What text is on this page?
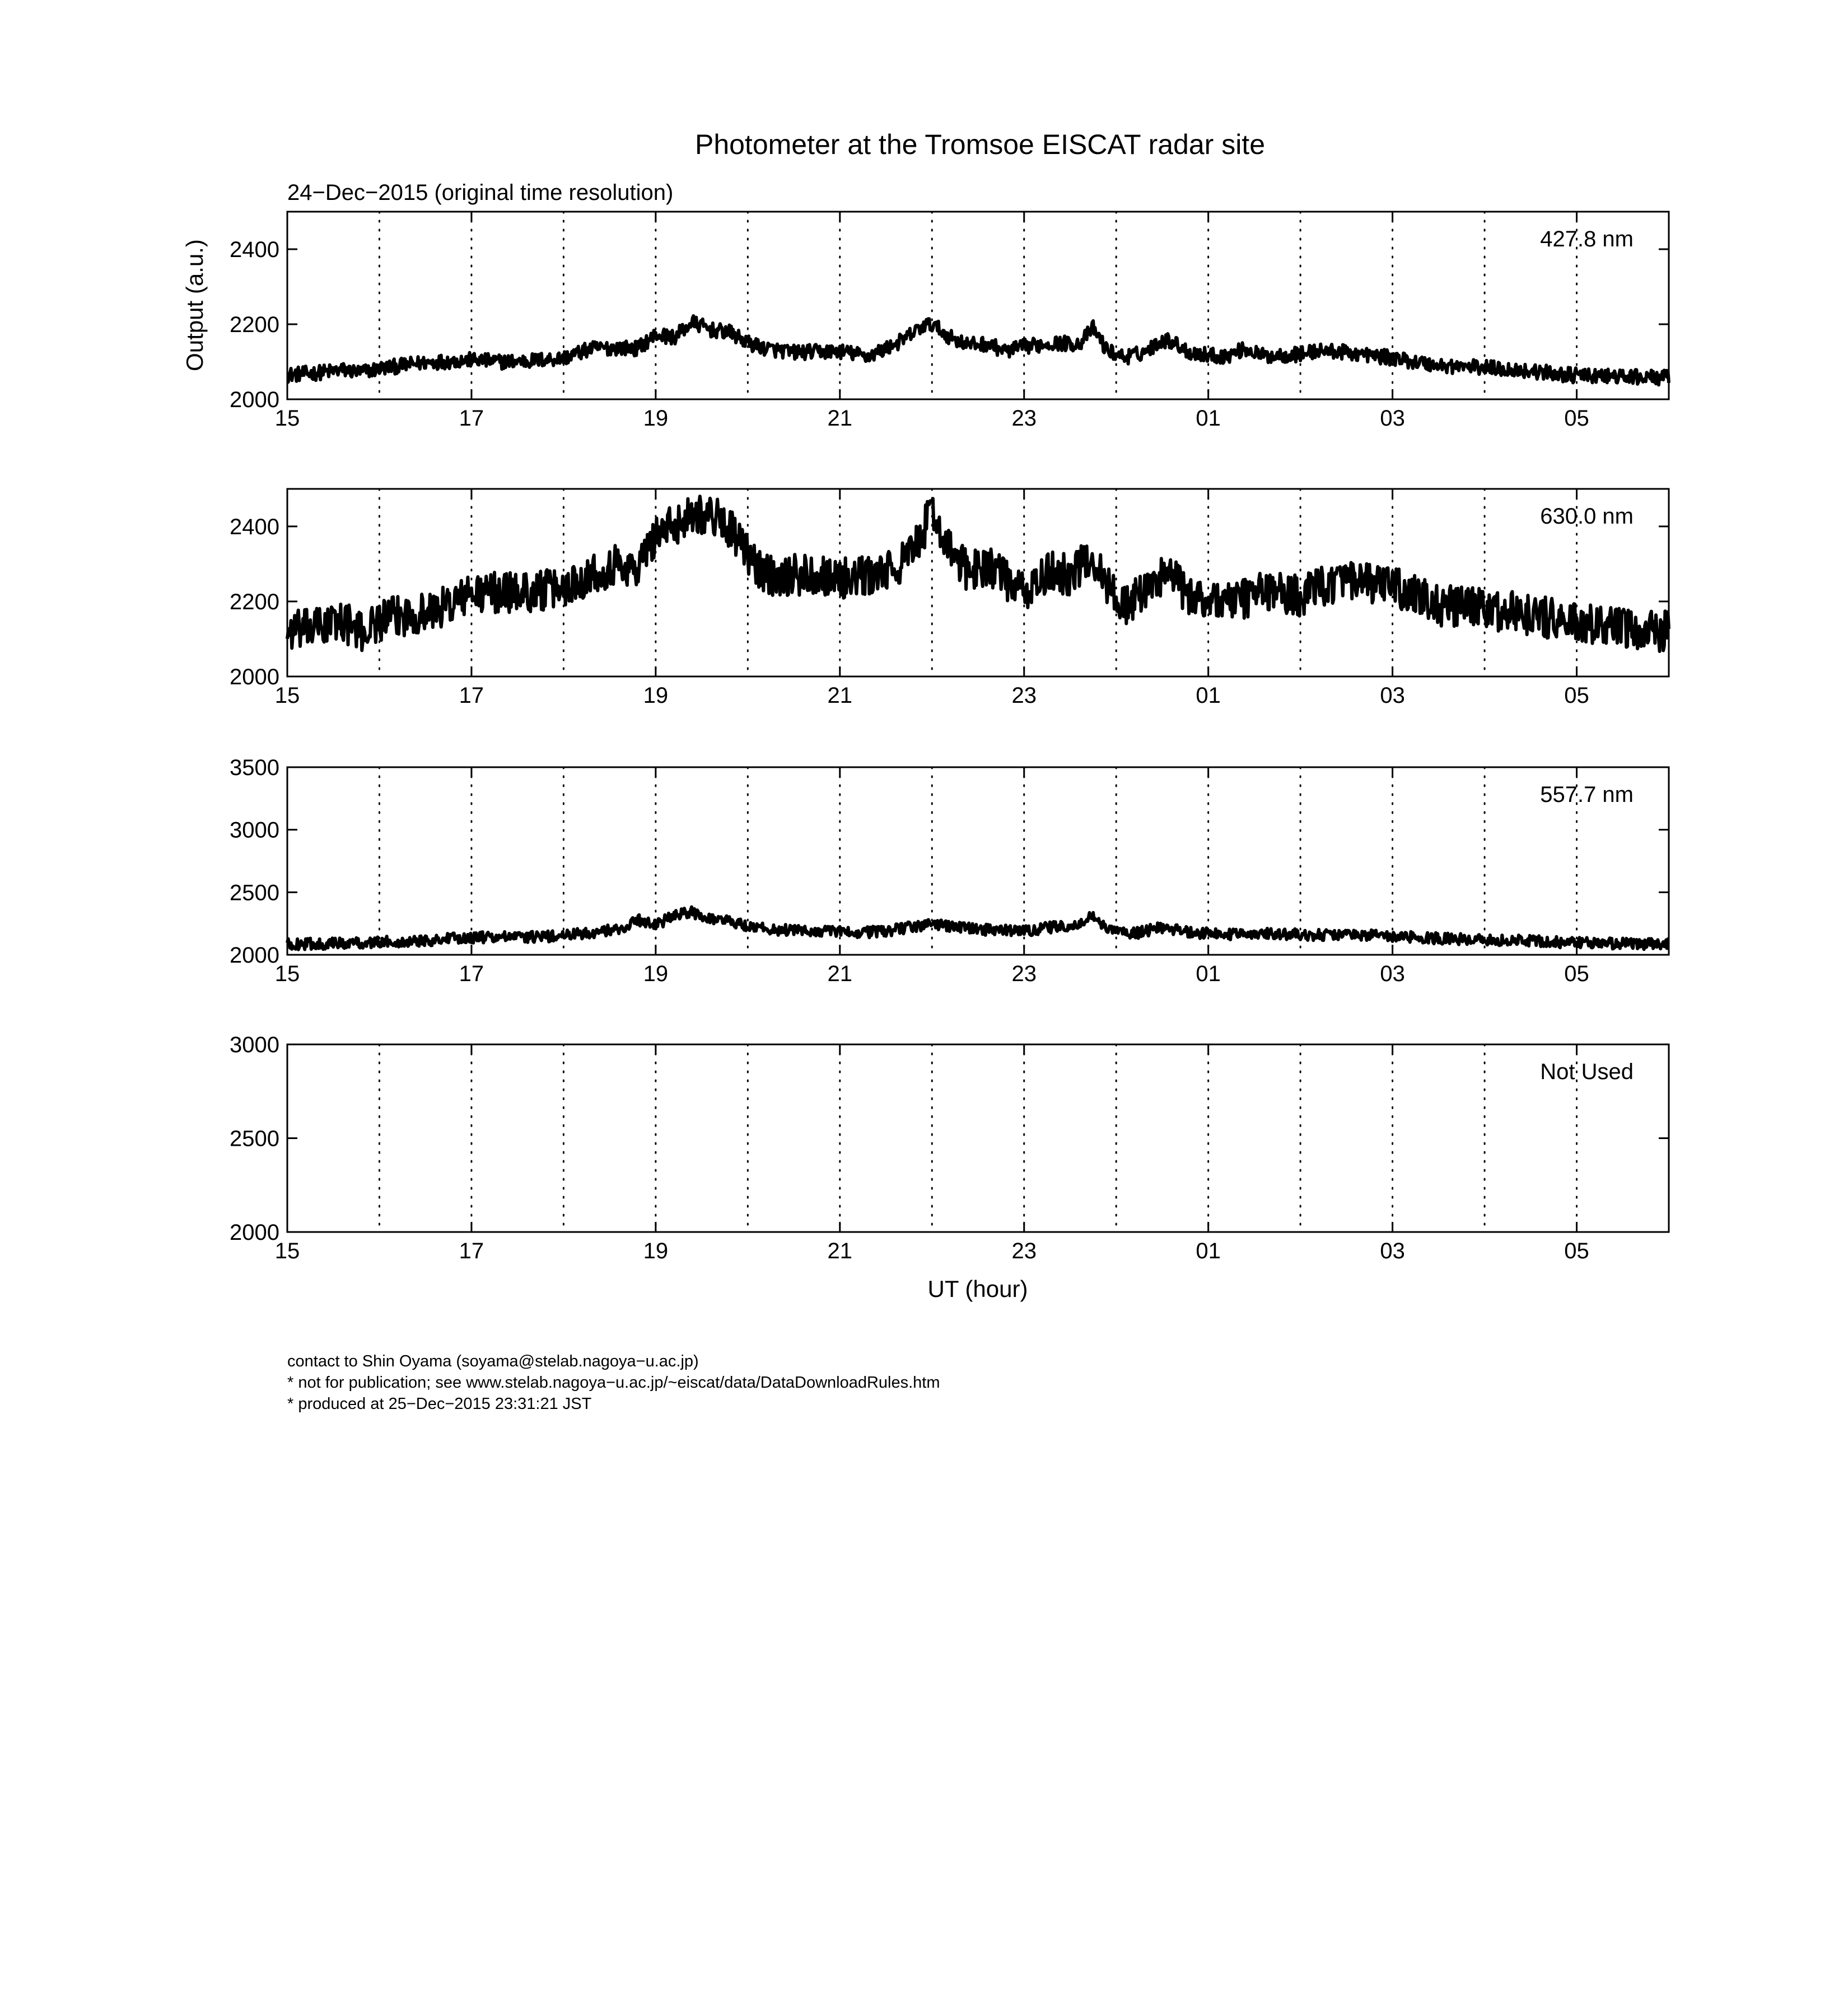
Photometer at the Tromsoe EISCAT radar site
24−Dec−2015 (original time resolution)
Output (a.u.)
UT (hour)
2000
2200
2400
15	17	19	21	23	01	03	05
427.8 nm
2000
2200
2400
15	17	19	21	23	01	03	05
630.0 nm
2000
2500
3000
3500
15	17	19	21	23	01	03	05
557.7 nm
2000
2500
3000
15	17	19	21	23	01	03	05
Not Used
contact to Shin Oyama (soyama@stelab.nagoya−u.ac.jp)
* not for publication; see www.stelab.nagoya−u.ac.jp/~eiscat/data/DataDownloadRules.htm
* produced at 25−Dec−2015 23:31:21 JST
